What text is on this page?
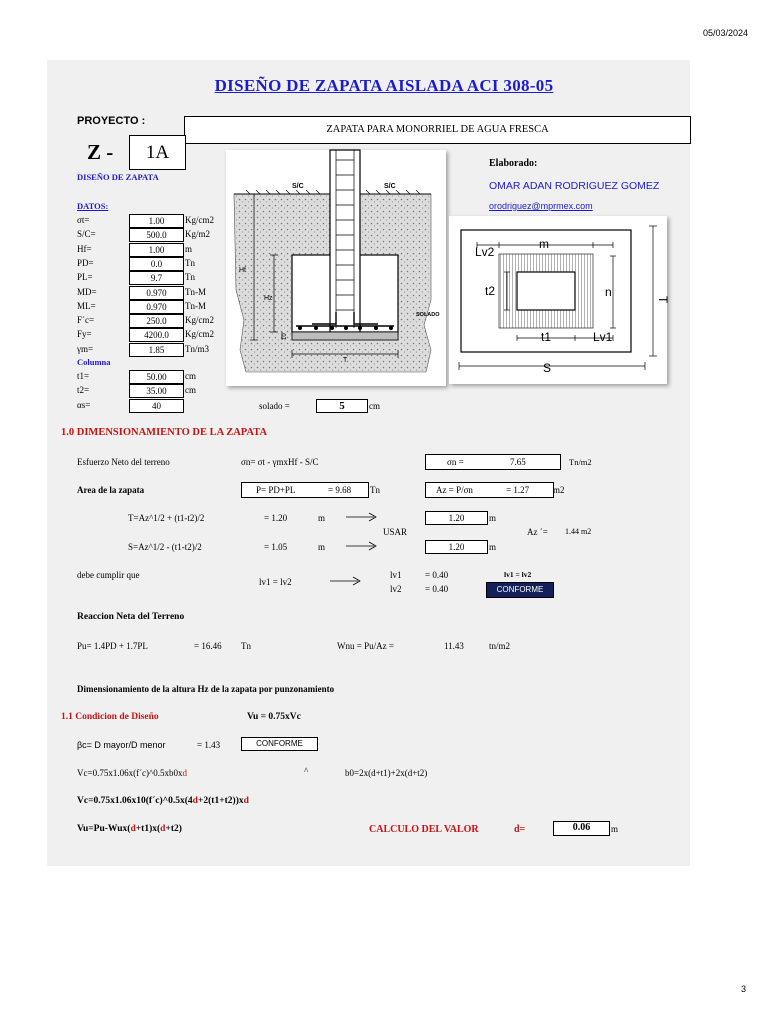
05/03/2024
DISEÑO DE ZAPATA AISLADA ACI 308-05
PROYECTO :
ZAPATA PARA MONORRIEL DE AGUA FRESCA
Z -	1A
DISEÑO DE ZAPATA
Elaborado:
OMAR ADAN RODRIGUEZ GOMEZ
orodriguez@mprmex.com
DATOS:
σt=	1.00	Kg/cm2
S/C=	500.0	Kg/m2
Hf=	1.00	m
PD=	0.0	Tn
PL=	9.7	Tn
MD=	0.970	Tn-M
ML=	0.970	Tn-M
F´c=	250.0	Kg/cm2
Fy=	4200.0	Kg/cm2
γm=	1.85	Tn/m3
Columna
t1=	50.00	cm
t2=	35.00	cm
αs=	40	solado =	5	cm
S/C	S/C
Hf
Hz
10
SOLADO
T
m
Lv2
t2	n
t1	Lv1
T
S
1.0 DIMENSIONAMIENTO DE LA ZAPATA
Esfuerzo Neto del terreno	σn= σt - γmxHf - S/C	σn =	7.65	Tn/m2
Area de la zapata	P= PD+PL	= 9.68 Tn	Az = P/σn	= 1.27	m2
T=Az^1/2 + (t1-t2)/2	= 1.20	m	1.20	m
USAR	Az ´= 1.44 m2
S=Az^1/2 - (t1-t2)/2	= 1.05	m	1.20	m
debe cumplir que
lv1 = lv2
lv1	= 0.40
lv2	= 0.40
lv1 = lv2
CONFORME
Reaccion Neta del Terreno
Pu= 1.4PD + 1.7PL	= 16.46 Tn	Wnu = Pu/Az =	11.43	tn/m2
Dimensionamiento de la altura Hz de la zapata por punzonamiento
1.1 Condicion de Diseño	Vu = 0.75xVc
βc= D mayor/D menor	= 1.43	CONFORME
Vc=0.75x1.06x(f´c)^0.5xb0xd	^	b0=2x(d+t1)+2x(d+t2)
Vc=0.75x1.06x10(f´c)^0.5x(4d+2(t1+t2))xd
Vu=Pu-Wux(d+t1)x(d+t2)	CALCULO DEL VALOR	d=	0.06	m
3
